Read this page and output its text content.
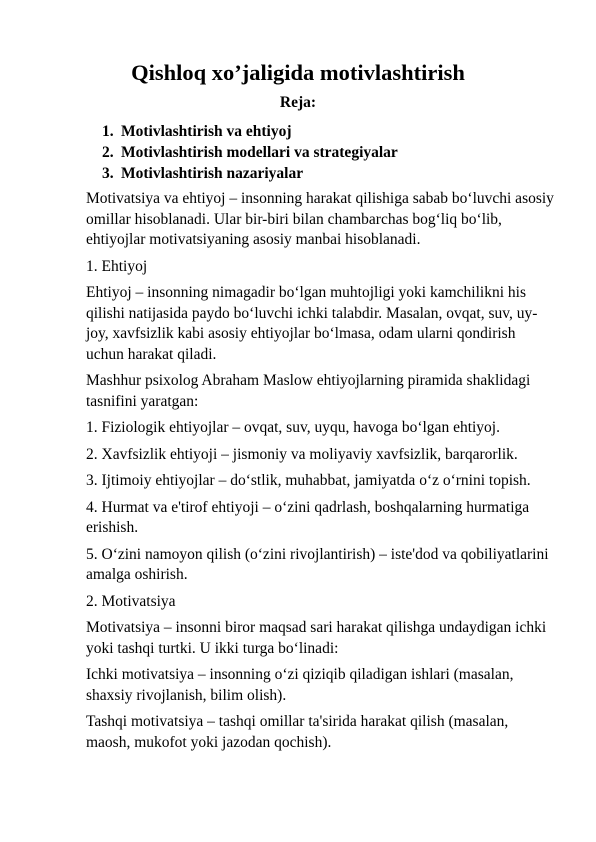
Qishloq xo’jaligida motivlashtirish
Reja:
1. Motivlashtirish va ehtiyoj
2. Motivlashtirish modellari va strategiyalar
3. Motivlashtirish nazariyalar

Motivatsiya va ehtiyoj – insonning harakat qilishiga sabab bo‘luvchi asosiy omillar hisoblanadi. Ular bir-biri bilan chambarchas bog‘liq bo‘lib, ehtiyojlar motivatsiyaning asosiy manbai hisoblanadi.

1. Ehtiyoj

Ehtiyoj – insonning nimagadir bo‘lgan muhtojligi yoki kamchilikni his qilishi natijasida paydo bo‘luvchi ichki talabdir. Masalan, ovqat, suv, uy-joy, xavfsizlik kabi asosiy ehtiyojlar bo‘lmasa, odam ularni qondirish uchun harakat qiladi.

Mashhur psixolog Abraham Maslow ehtiyojlarning piramida shaklidagi tasnifini yaratgan:

1. Fiziologik ehtiyojlar – ovqat, suv, uyqu, havoga bo‘lgan ehtiyoj.

2. Xavfsizlik ehtiyoji – jismoniy va moliyaviy xavfsizlik, barqarorlik.

3. Ijtimoiy ehtiyojlar – do‘stlik, muhabbat, jamiyatda o‘z o‘rnini topish.

4. Hurmat va e'tirof ehtiyoji – o‘zini qadrlash, boshqalarning hurmatiga erishish.

5. O‘zini namoyon qilish (o‘zini rivojlantirish) – iste'dod va qobiliyatlarini amalga oshirish.

2. Motivatsiya

Motivatsiya – insonni biror maqsad sari harakat qilishga undaydigan ichki yoki tashqi turtki. U ikki turga bo‘linadi:

Ichki motivatsiya – insonning o‘zi qiziqib qiladigan ishlari (masalan, shaxsiy rivojlanish, bilim olish).

Tashqi motivatsiya – tashqi omillar ta'sirida harakat qilish (masalan, maosh, mukofot yoki jazodan qochish).
